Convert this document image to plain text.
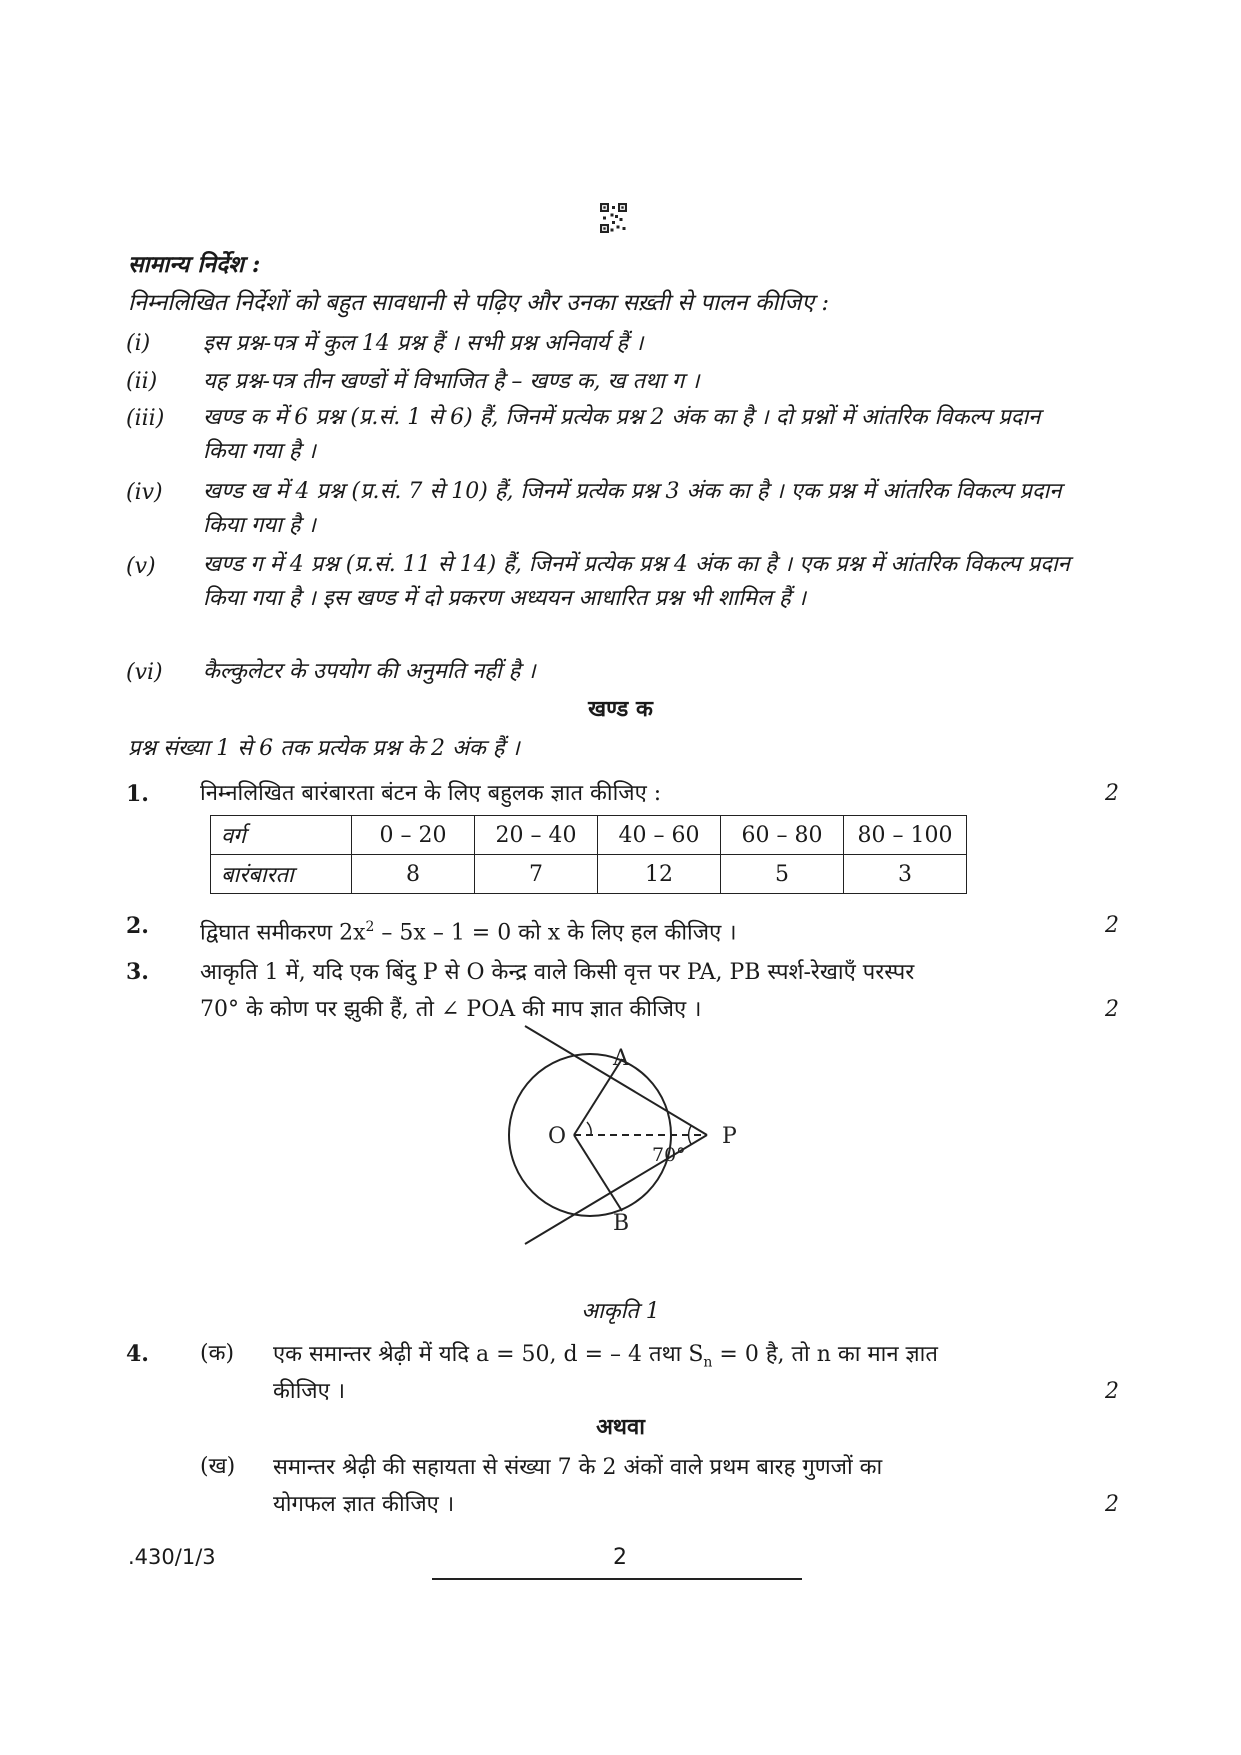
सामान्य निर्देश :
निम्नलिखित निर्देशों को बहुत सावधानी से पढ़िए और उनका सख़्ती से पालन कीजिए :
(i) इस प्रश्न-पत्र में कुल 14 प्रश्न हैं । सभी प्रश्न अनिवार्य हैं ।
(ii) यह प्रश्न-पत्र तीन खण्डों में विभाजित है – खण्ड क, ख तथा ग ।
(iii) खण्ड क में 6 प्रश्न (प्र.सं. 1 से 6) हैं, जिनमें प्रत्येक प्रश्न 2 अंक का है । दो प्रश्नों में आंतरिक विकल्प प्रदान किया गया है ।
(iv) खण्ड ख में 4 प्रश्न (प्र.सं. 7 से 10) हैं, जिनमें प्रत्येक प्रश्न 3 अंक का है । एक प्रश्न में आंतरिक विकल्प प्रदान किया गया है ।
(v) खण्ड ग में 4 प्रश्न (प्र.सं. 11 से 14) हैं, जिनमें प्रत्येक प्रश्न 4 अंक का है । एक प्रश्न में आंतरिक विकल्प प्रदान किया गया है । इस खण्ड में दो प्रकरण अध्ययन आधारित प्रश्न भी शामिल हैं ।
(vi) कैल्कुलेटर के उपयोग की अनुमति नहीं है ।
खण्ड क
प्रश्न संख्या 1 से 6 तक प्रत्येक प्रश्न के 2 अंक हैं ।
1. निम्नलिखित बारंबारता बंटन के लिए बहुलक ज्ञात कीजिए :	2
वर्ग	0 – 20	20 – 40	40 – 60	60 – 80	80 – 100
बारंबारता	8	7	12	5	3
2. द्विघात समीकरण $2x^2 - 5x - 1 = 0$ को x के लिए हल कीजिए ।	2
3. आकृति 1 में, यदि एक बिंदु P से O केन्द्र वाले किसी वृत्त पर PA, PB स्पर्श-रेखाएँ परस्पर
70° के कोण पर झुकी हैं, तो ∠ POA की माप ज्ञात कीजिए ।	2
A
B
O	P
70°
आकृति 1
4. (क) एक समान्तर श्रेढ़ी में यदि a = 50, d = – 4 तथा $S_n = 0$ है, तो n का मान ज्ञात
कीजिए ।	2
अथवा
(ख) समान्तर श्रेढ़ी की सहायता से संख्या 7 के 2 अंकों वाले प्रथम बारह गुणजों का
योगफल ज्ञात कीजिए ।	2
.430/1/3	2
